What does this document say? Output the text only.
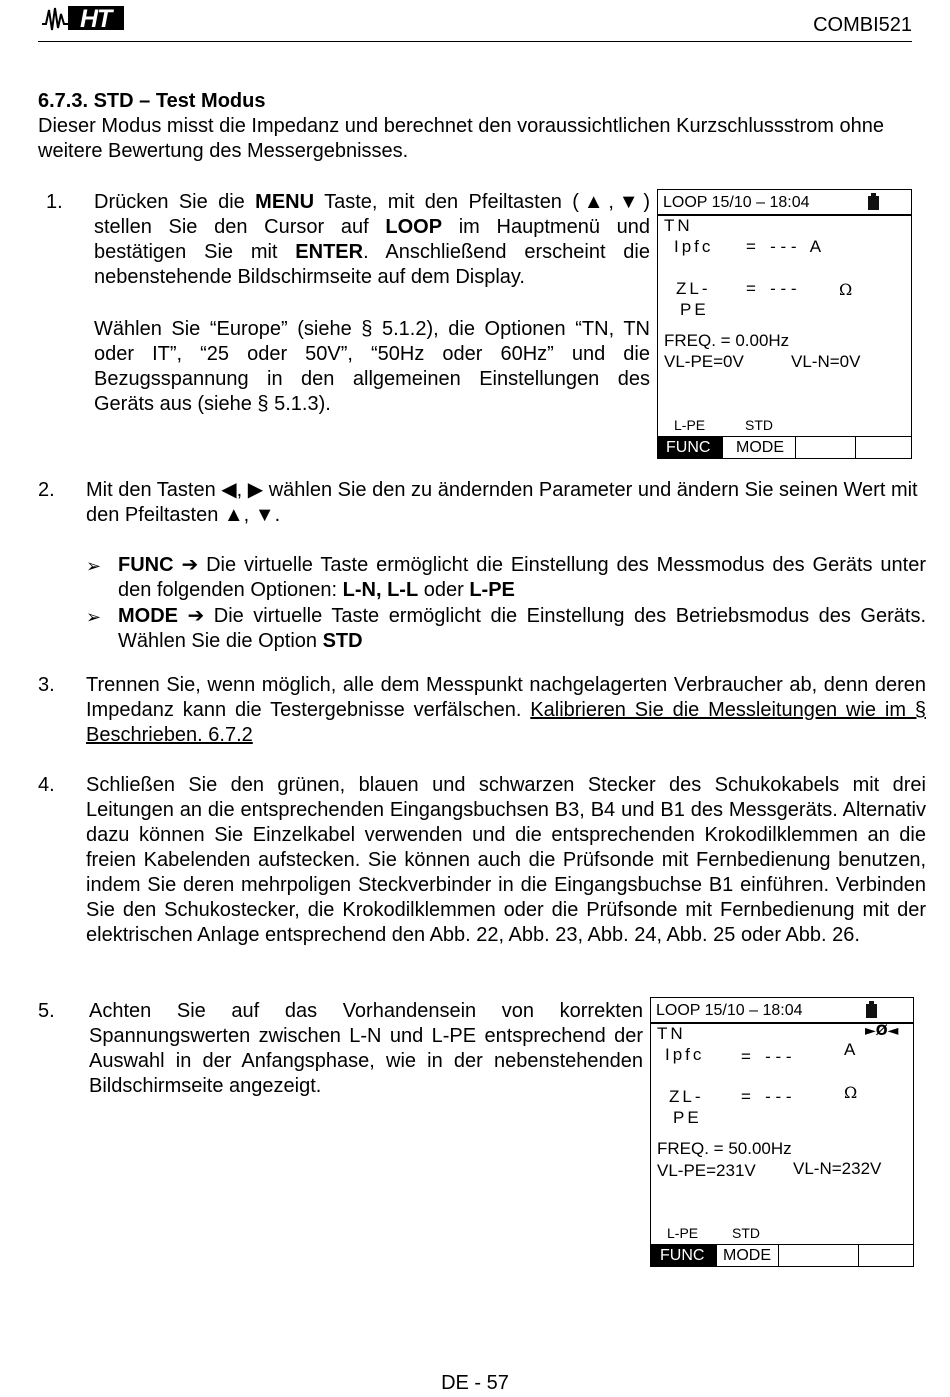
HT	COMBI521
6.7.3. STD – Test Modus
Dieser Modus misst die Impedanz und berechnet den voraussichtlichen Kurzschlussstrom ohne weitere Bewertung des Messergebnisses.
1. Drücken Sie die MENU Taste, mit den Pfeiltasten (▲,▼) stellen Sie den Cursor auf LOOP im Hauptmenü und bestätigen Sie mit ENTER. Anschließend erscheint die nebenstehende Bildschirmseite auf dem Display.
Wählen Sie “Europe” (siehe § 5.1.2), die Optionen “TN, TN oder IT”, “25 oder 50V”, “50Hz oder 60Hz” und die Bezugsspannung in den allgemeinen Einstellungen des Geräts aus (siehe § 5.1.3).
LOOP 15/10 – 18:04
TN
Ipfc =   - - -   A
ZL-
PE
=   - - -	Ω
FREQ. = 0.00Hz
VL-PE=0V	VL-N=0V
L-PE	STD
FUNC	MODE
2. Mit den Tasten ◀, ▶ wählen Sie den zu ändernden Parameter und ändern Sie seinen Wert mit den Pfeiltasten ▲, ▼.
➢ FUNC ➔ Die virtuelle Taste ermöglicht die Einstellung des Messmodus des Geräts unter den folgenden Optionen: L-N, L-L oder L-PE
➢ MODE ➔ Die virtuelle Taste ermöglicht die Einstellung des Betriebsmodus des Geräts. Wählen Sie die Option STD
3. Trennen Sie, wenn möglich, alle dem Messpunkt nachgelagerten Verbraucher ab, denn deren Impedanz kann die Testergebnisse verfälschen. Kalibrieren Sie die Messleitungen wie im § Beschrieben. 6.7.2
4. Schließen Sie den grünen, blauen und schwarzen Stecker des Schukokabels mit drei Leitungen an die entsprechenden Eingangsbuchsen B3, B4 und B1 des Messgeräts. Alternativ dazu können Sie Einzelkabel verwenden und die entsprechenden Krokodilklemmen an die freien Kabelenden aufstecken. Sie können auch die Prüfsonde mit Fernbedienung benutzen, indem Sie deren mehrpoligen Steckverbinder in die Eingangsbuchse B1 einführen. Verbinden Sie den Schukostecker, die Krokodilklemmen oder die Prüfsonde mit Fernbedienung mit der elektrischen Anlage entsprechend den Abb. 22, Abb. 23, Abb. 24, Abb. 25 oder Abb. 26.
5. Achten Sie auf das Vorhandensein von korrekten Spannungswerten zwischen L-N und L-PE entsprechend der Auswahl in der Anfangsphase, wie in der nebenstehenden Bildschirmseite angezeigt.
LOOP 15/10 – 18:04
TN	►Ø◄
Ipfc =   - - -	A
ZL-
PE
=   - - -	Ω
FREQ. = 50.00Hz
VL-PE=231V VL-N=232V
L-PE STD
FUNC	MODE
DE - 57
